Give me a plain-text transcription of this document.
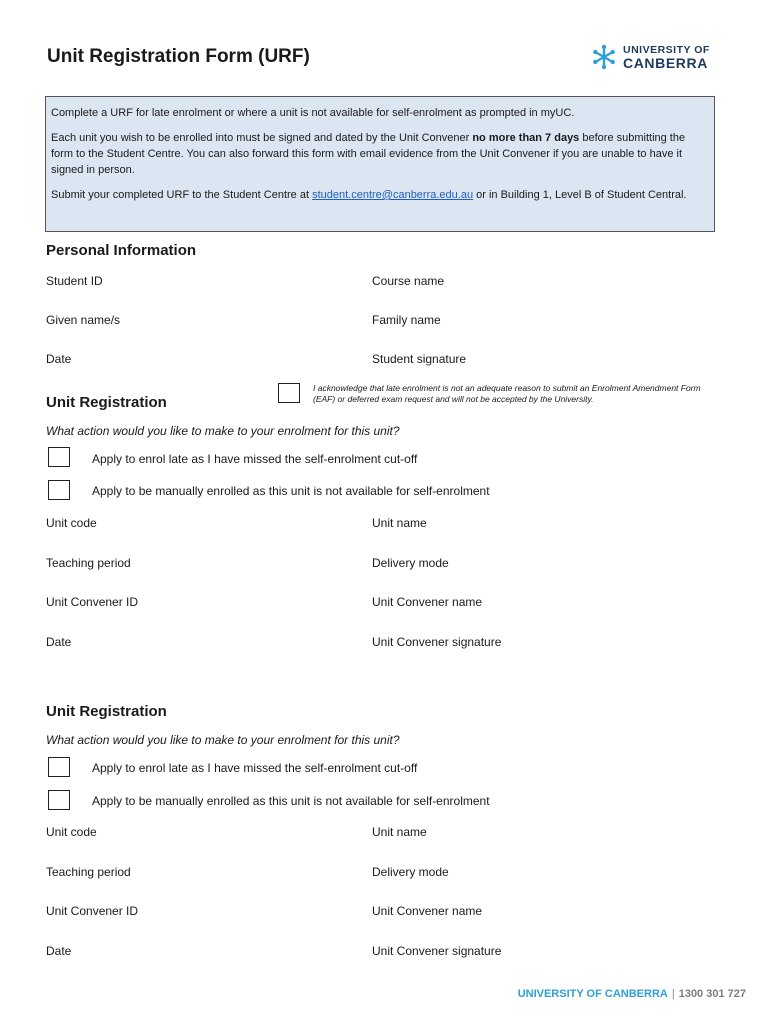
Unit Registration Form (URF)	UNIVERSITY OF
CANBERRA

Complete a URF for late enrolment or where a unit is not available for self-enrolment as prompted in myUC.

Each unit you wish to be enrolled into must be signed and dated by the Unit Convener no more than 7 days before submitting the form to the Student Centre. You can also forward this form with email evidence from the Unit Convener if you are unable to have it signed in person.

Submit your completed URF to the Student Centre at student.centre@canberra.edu.au or in Building 1, Level B of Student Central.

Personal Information
Student ID	Course name
Given name/s	Family name
Date	Student signature
I acknowledge that late enrolment is not an adequate reason to submit an Enrolment Amendment Form (EAF) or deferred exam request and will not be accepted by the University.
Unit Registration
What action would you like to make to your enrolment for this unit?
Apply to enrol late as I have missed the self-enrolment cut-off
Apply to be manually enrolled as this unit is not available for self-enrolment
Unit code	Unit name
Teaching period	Delivery mode
Unit Convener ID	Unit Convener name
Date	Unit Convener signature
Unit Registration
What action would you like to make to your enrolment for this unit?
Apply to enrol late as I have missed the self-enrolment cut-off
Apply to be manually enrolled as this unit is not available for self-enrolment
Unit code	Unit name
Teaching period	Delivery mode
Unit Convener ID	Unit Convener name
Date	Unit Convener signature
UNIVERSITY OF CANBERRA | 1300 301 727
